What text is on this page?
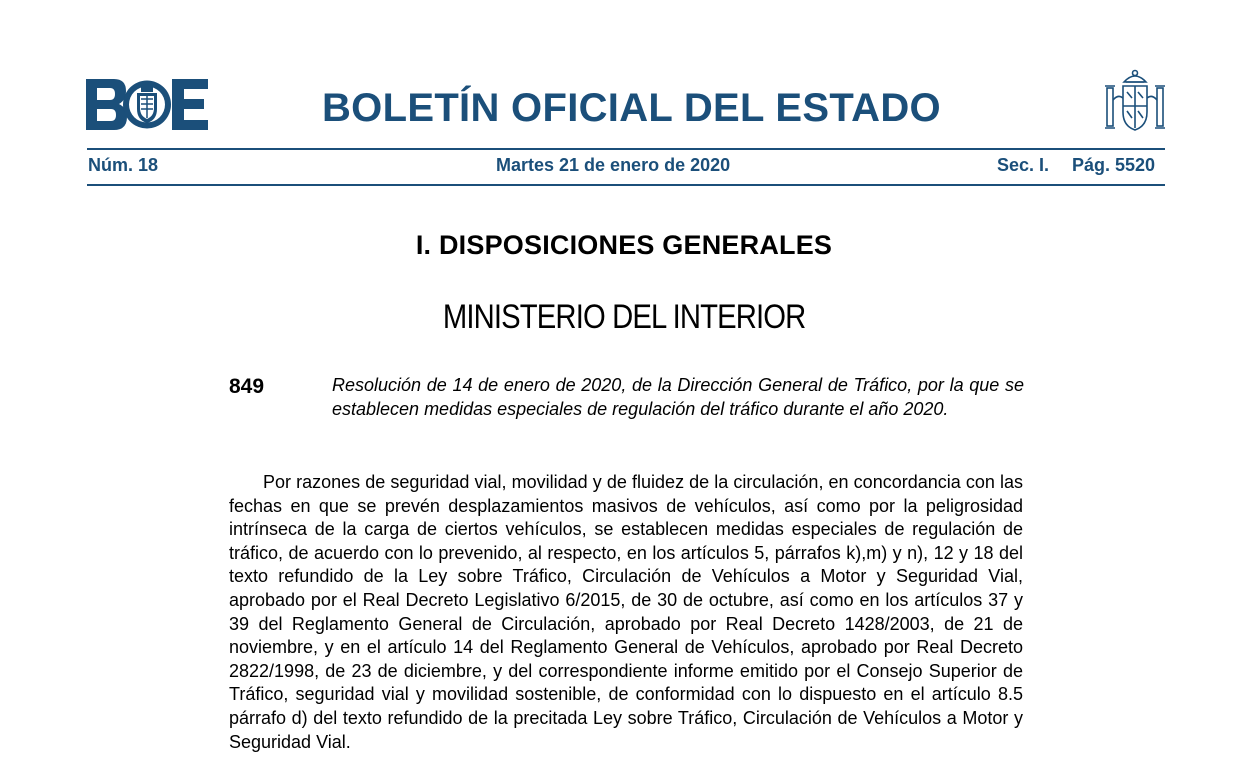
BOLETÍN OFICIAL DEL ESTADO
Núm. 18	Martes 21 de enero de 2020	Sec. I. Pág. 5520
I. DISPOSICIONES GENERALES
MINISTERIO DEL INTERIOR
849	Resolución de 14 de enero de 2020, de la Dirección General de Tráfico, por la que se establecen medidas especiales de regulación del tráfico durante el año 2020.

Por razones de seguridad vial, movilidad y de fluidez de la circulación, en concordancia con las fechas en que se prevén desplazamientos masivos de vehículos, así como por la peligrosidad intrínseca de la carga de ciertos vehículos, se establecen medidas especiales de regulación de tráfico, de acuerdo con lo prevenido, al respecto, en los artículos 5, párrafos k),m) y n), 12 y 18 del texto refundido de la Ley sobre Tráfico, Circulación de Vehículos a Motor y Seguridad Vial, aprobado por el Real Decreto Legislativo 6/2015, de 30 de octubre, así como en los artículos 37 y 39 del Reglamento General de Circulación, aprobado por Real Decreto 1428/2003, de 21 de noviembre, y en el artículo 14 del Reglamento General de Vehículos, aprobado por Real Decreto 2822/1998, de 23 de diciembre, y del correspondiente informe emitido por el Consejo Superior de Tráfico, seguridad vial y movilidad sostenible, de conformidad con lo dispuesto en el artículo 8.5 párrafo d) del texto refundido de la precitada Ley sobre Tráfico, Circulación de Vehículos a Motor y Seguridad Vial.
